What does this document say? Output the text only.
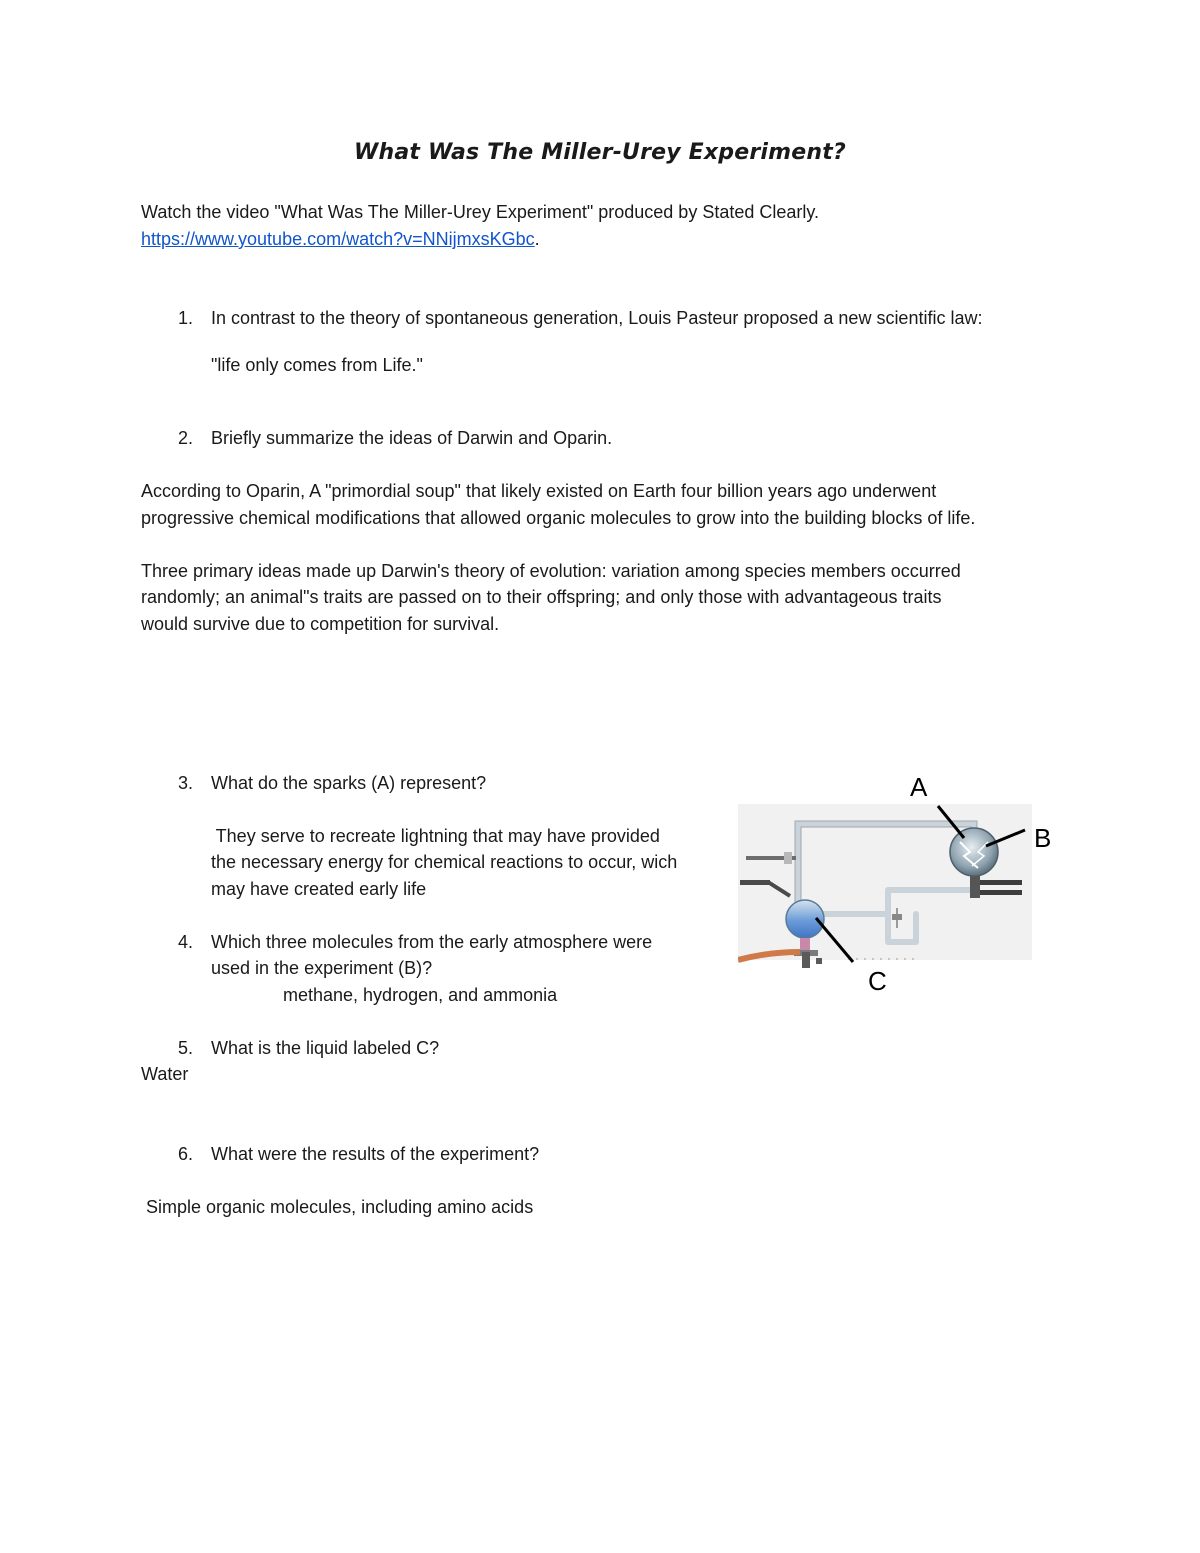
What Was The Miller-Urey Experiment?
Watch the video "What Was The Miller-Urey Experiment" produced by Stated Clearly.
https://www.youtube.com/watch?v=NNijmxsKGbc.
1. In contrast to the theory of spontaneous generation, Louis Pasteur proposed a new scientific law:
"life only comes from Life."
2. Briefly summarize the ideas of Darwin and Oparin.
According to Oparin, A "primordial soup" that likely existed on Earth four billion years ago underwent
progressive chemical modifications that allowed organic molecules to grow into the building blocks of life.
Three primary ideas made up Darwin's theory of evolution: variation among species members occurred
randomly; an animal"s traits are passed on to their offspring; and only those with advantageous traits
would survive due to competition for survival.
3. What do the sparks (A) represent?
They serve to recreate lightning that may have provided
the necessary energy for chemical reactions to occur, wich
may have created early life
4. Which three molecules from the early atmosphere were
used in the experiment (B)?
methane, hydrogen, and ammonia
5. What is the liquid labeled C?
Water
6. What were the results of the experiment?
Simple organic molecules, including amino acids
A
B
C
